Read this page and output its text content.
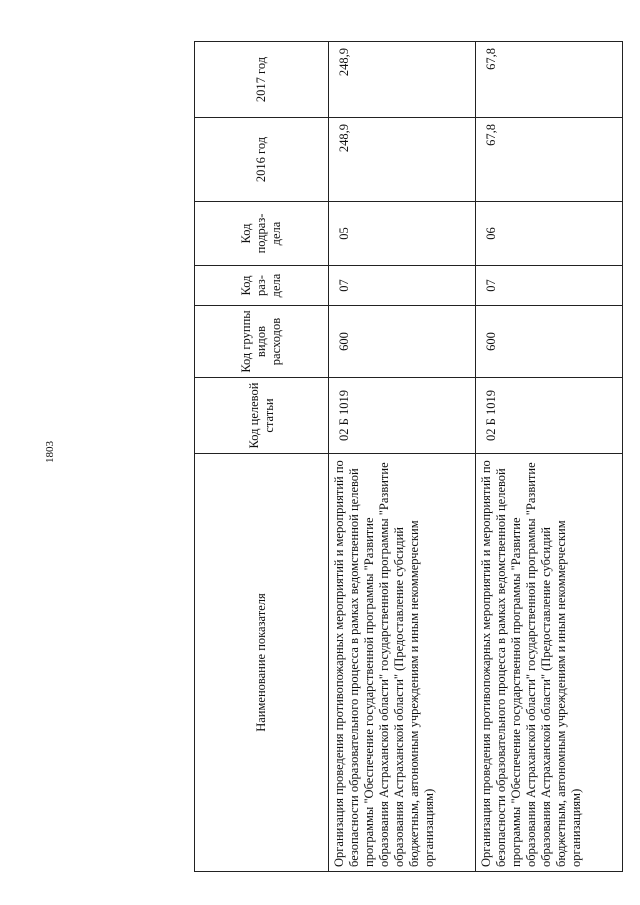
1803
Наименование показателя	Код целевой статьи	Код группы видов расходов	Код раз- дела	Код подраз- дела	2016 год	2017 год
Организация проведения противопожарных мероприятий и мероприятий по безопасности образовательного процесса в рамках ведомственной целевой программы "Обеспечение государственной программы "Развитие образования Астраханской области" государственной программы "Развитие образования Астраханской области" (Предоставление субсидий бюджетным, автономным учреждениям и иным некоммерческим организациям)	02 Б 1019	600	07	05	248,9	248,9
Организация проведения противопожарных мероприятий и мероприятий по безопасности образовательного процесса в рамках ведомственной целевой программы "Обеспечение государственной программы "Развитие образования Астраханской области" государственной программы "Развитие образования Астраханской области" (Предоставление субсидий бюджетным, автономным учреждениям и иным некоммерческим организациям)	02 Б 1019	600	07	06	67,8	67,8
